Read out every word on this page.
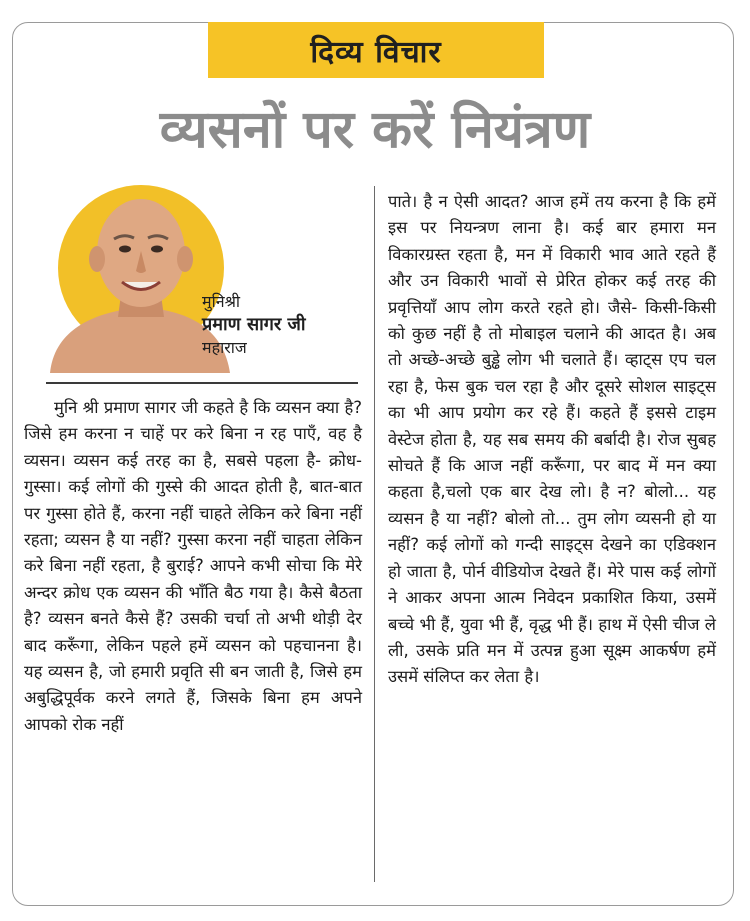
दिव्य विचार
व्यसनों पर करें नियंत्रण
मुनिश्री
प्रमाण सागर जी
महाराज
मुनि श्री प्रमाण सागर जी कहते है कि व्यसन क्या है? जिसे हम करना न चाहें पर करे बिना न रह पाएँ, वह है व्यसन। व्यसन कई तरह का है, सबसे पहला है- क्रोध-गुस्सा। कई लोगों की गुस्से की आदत होती है, बात-बात पर गुस्सा होते हैं, करना नहीं चाहते लेकिन करे बिना नहीं रहता; व्यसन है या नहीं? गुस्सा करना नहीं चाहता लेकिन करे बिना नहीं रहता, है बुराई? आपने कभी सोचा कि मेरे अन्दर क्रोध एक व्यसन की भाँति बैठ गया है। कैसे बैठता है? व्यसन बनते कैसे हैं? उसकी चर्चा तो अभी थोड़ी देर बाद करूँगा, लेकिन पहले हमें व्यसन को पहचानना है। यह व्यसन है, जो हमारी प्रवृति सी बन जाती है, जिसे हम अबुद्धिपूर्वक करने लगते हैं, जिसके बिना हम अपने आपको रोक नहीं
पाते। है न ऐसी आदत? आज हमें तय करना है कि हमें इस पर नियन्त्रण लाना है। कई बार हमारा मन विकारग्रस्त रहता है, मन में विकारी भाव आते रहते हैं और उन विकारी भावों से प्रेरित होकर कई तरह की प्रवृत्तियाँ आप लोग करते रहते हो। जैसे- किसी-किसी को कुछ नहीं है तो मोबाइल चलाने की आदत है। अब तो अच्छे-अच्छे बुड्ढे लोग भी चलाते हैं। व्हाट्स एप चल रहा है, फेस बुक चल रहा है और दूसरे सोशल साइट्स का भी आप प्रयोग कर रहे हैं। कहते हैं इससे टाइम वेस्टेज होता है, यह सब समय की बर्बादी है। रोज सुबह सोचते हैं कि आज नहीं करूँगा, पर बाद में मन क्या कहता है,चलो एक बार देख लो। है न? बोलो... यह व्यसन है या नहीं? बोलो तो... तुम लोग व्यसनी हो या नहीं? कई लोगों को गन्दी साइट्स देखने का एडिक्शन हो जाता है, पोर्न वीडियोज देखते हैं। मेरे पास कई लोगों ने आकर अपना आत्म निवेदन प्रकाशित किया, उसमें बच्चे भी हैं, युवा भी हैं, वृद्ध भी हैं। हाथ में ऐसी चीज ले ली, उसके प्रति मन में उत्पन्न हुआ सूक्ष्म आकर्षण हमें उसमें संलिप्त कर लेता है।
